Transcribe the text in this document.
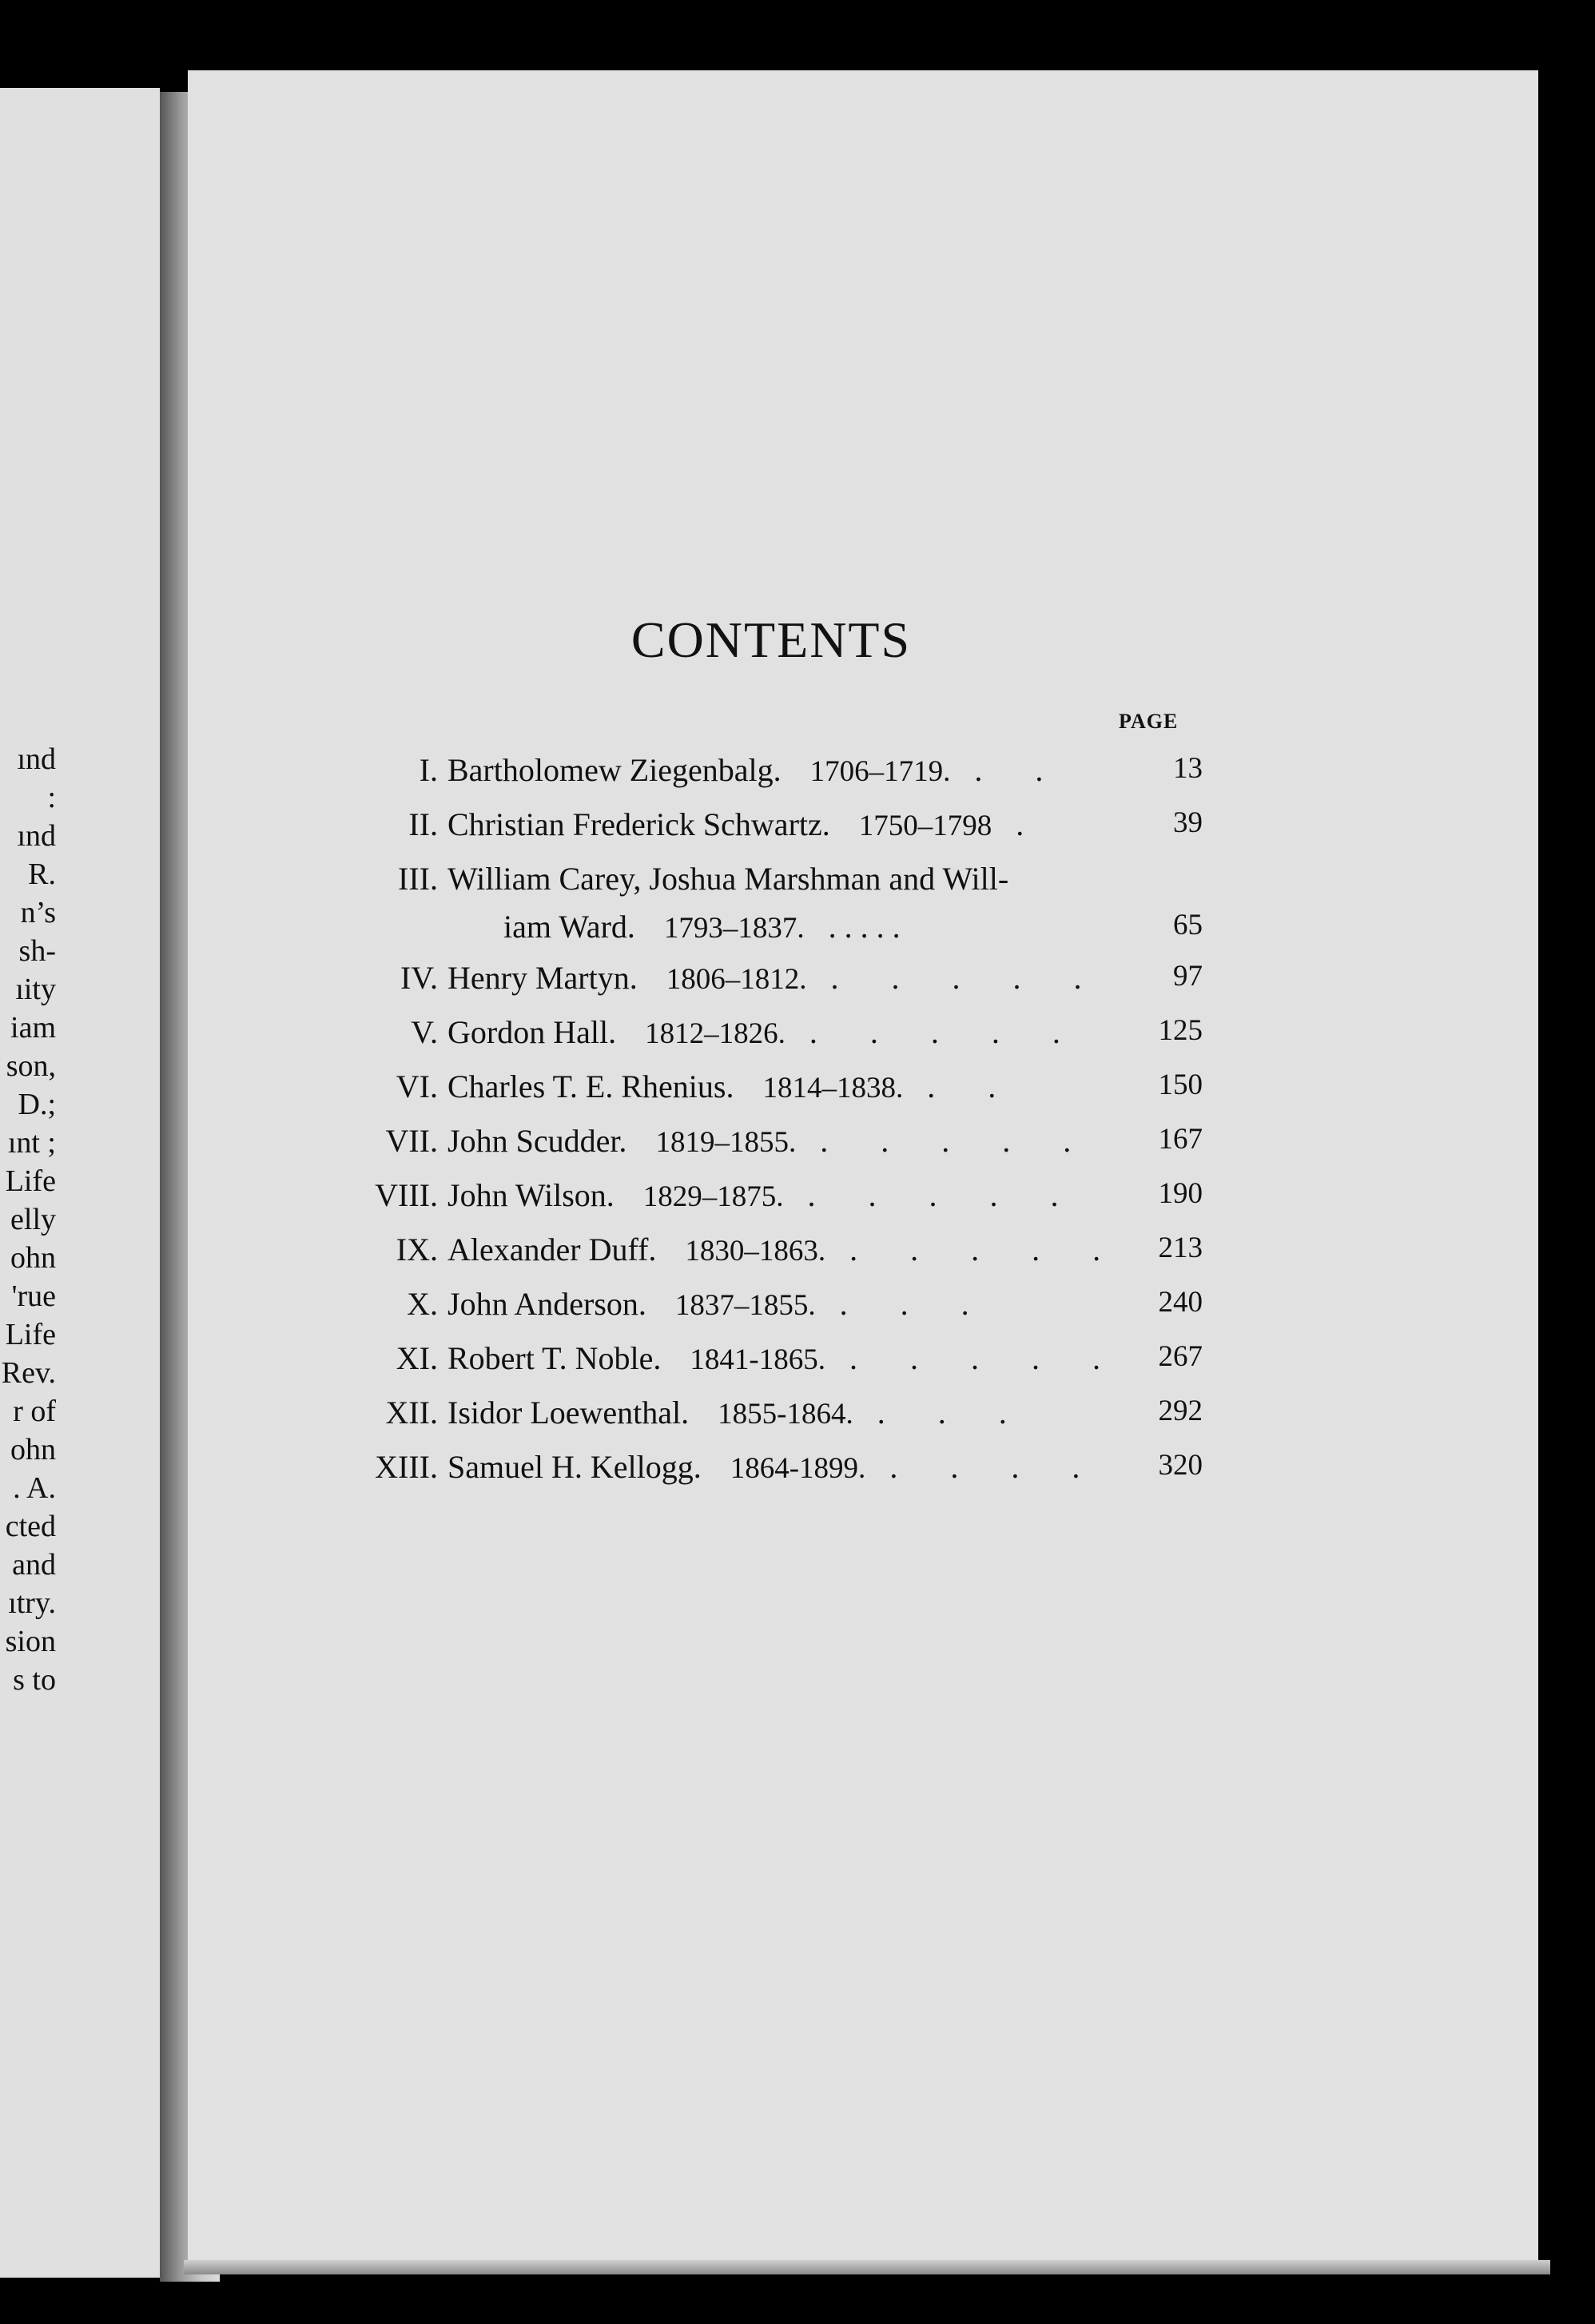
ınd
:
ınd
R.
n’s
sh-
ıity
iam
son,
D.;
ınt ;
Life
elly
ohn
'rue
Life
Rev.
r of
ohn
. A.
cted
and
ıtry.
sion
s to
CONTENTS
PAGE
I. Bartholomew Ziegenbalg. 1706–1719. . .	13
II. Christian Frederick Schwartz. 1750–1798 .	39
III. William Carey, Joshua Marshman and Will-
iam Ward. 1793–1837. . . . . .	65
IV. Henry Martyn. 1806–1812. . . . . .	97
V. Gordon Hall. 1812–1826. . . . . .	125
VI. Charles T. E. Rhenius. 1814–1838. . .	150
VII. John Scudder. 1819–1855. . . . . .	167
VIII. John Wilson. 1829–1875. . . . . .	190
IX. Alexander Duff. 1830–1863. . . . . .	213
X. John Anderson. 1837–1855. . . .	240
XI. Robert T. Noble. 1841-1865. . . . . .	267
XII. Isidor Loewenthal. 1855-1864. . . .	292
XIII. Samuel H. Kellogg. 1864-1899. . . . .	320
